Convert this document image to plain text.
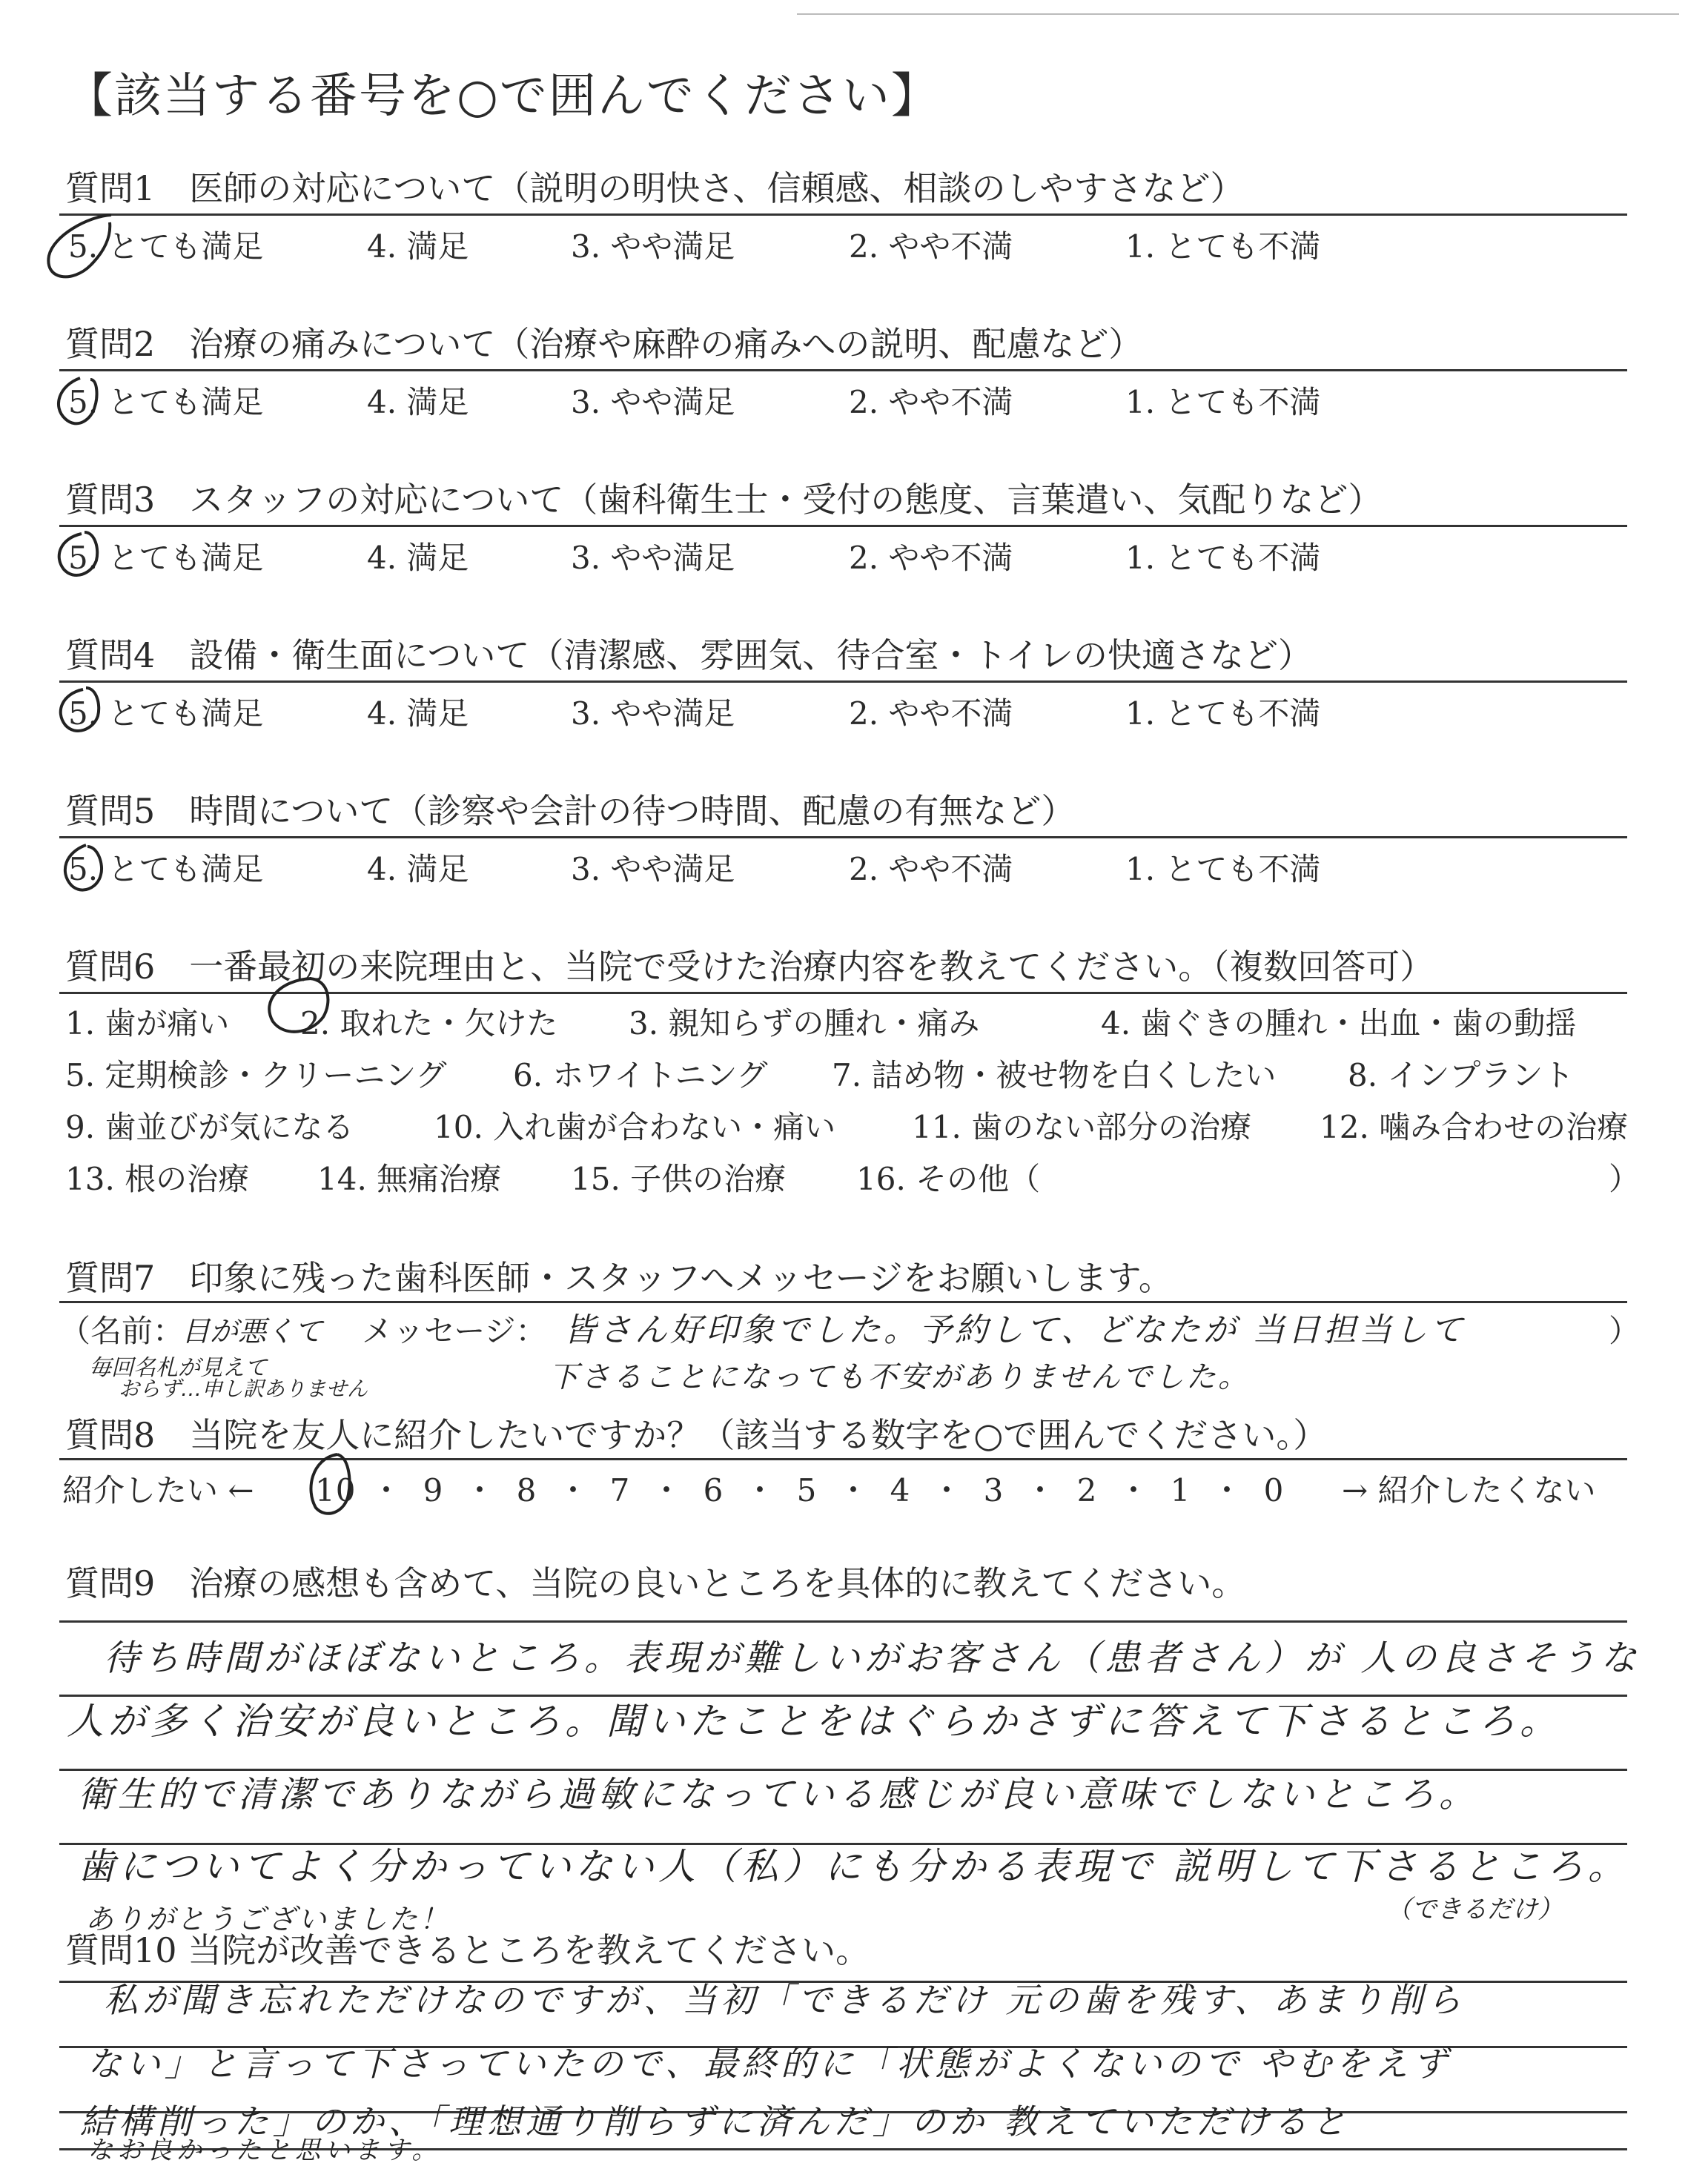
【該当する番号を○で囲んでください】
質問1　医師の対応について（説明の明快さ、信頼感、相談のしやすさなど）
5. とても満足	4. 満足	3. やや満足	2. やや不満	1. とても不満
質問2　治療の痛みについて（治療や麻酔の痛みへの説明、配慮など）
5. とても満足	4. 満足	3. やや満足	2. やや不満	1. とても不満
質問3　スタッフの対応について（歯科衛生士・受付の態度、言葉遣い、気配りなど）
5. とても満足	4. 満足	3. やや満足	2. やや不満	1. とても不満
質問4　設備・衛生面について（清潔感、雰囲気、待合室・トイレの快適さなど）
5. とても満足	4. 満足	3. やや満足	2. やや不満	1. とても不満
質問5　時間について（診察や会計の待つ時間、配慮の有無など）
5. とても満足	4. 満足	3. やや満足	2. やや不満	1. とても不満
質問6　一番最初の来院理由と、当院で受けた治療内容を教えてください。（複数回答可）
1. 歯が痛い 2. 取れた・欠けた 3. 親知らずの腫れ・痛み	4. 歯ぐきの腫れ・出血・歯の動揺
5. 定期検診・クリーニング 6. ホワイトニング 7. 詰め物・被せ物を白くしたい 8. インプラント
9. 歯並びが気になる	10. 入れ歯が合わない・痛い 11. 歯のない部分の治療 12. 噛み合わせの治療
13. 根の治療 14. 無痛治療 15. 子供の治療 16. その他（	）
質問7　印象に残った歯科医師・スタッフへメッセージをお願いします。
（名前：
目が悪くて
毎回名札が見えて
おらず…申し訳ありません
メッセージ： 皆さん好印象でした。予約して、どなたが 当日担当して
下さることになっても不安がありませんでした。
）
質問8　当院を友人に紹介したいですか？（該当する数字を○で囲んでください。）
紹介したい ← 10 ・ 9 ・ 8 ・ 7 ・ 6 ・ 5 ・ 4 ・ 3 ・ 2 ・ 1 ・ 0 → 紹介したくない
質問9　治療の感想も含めて、当院の良いところを具体的に教えてください。
待ち時間がほぼないところ。表現が難しいがお客さん（患者さん）が 人の良さそうな
人が多く治安が良いところ。聞いたことをはぐらかさずに答えて下さるところ。
衛生的で清潔でありながら過敏になっている感じが良い意味でしないところ。
歯についてよく分かっていない人（私）にも分かる表現で 説明して下さるところ。
ありがとうございました！
質問10 当院が改善できるところを教えてください。
（できるだけ）
私が聞き忘れただけなのですが、当初「できるだけ 元の歯を残す、あまり削ら
ない」と言って下さっていたので、最終的に「状態がよくないので やむをえず
結構削った」のか、「理想通り削らずに済んだ」のか 教えていただけると
なお良かったと思います。
